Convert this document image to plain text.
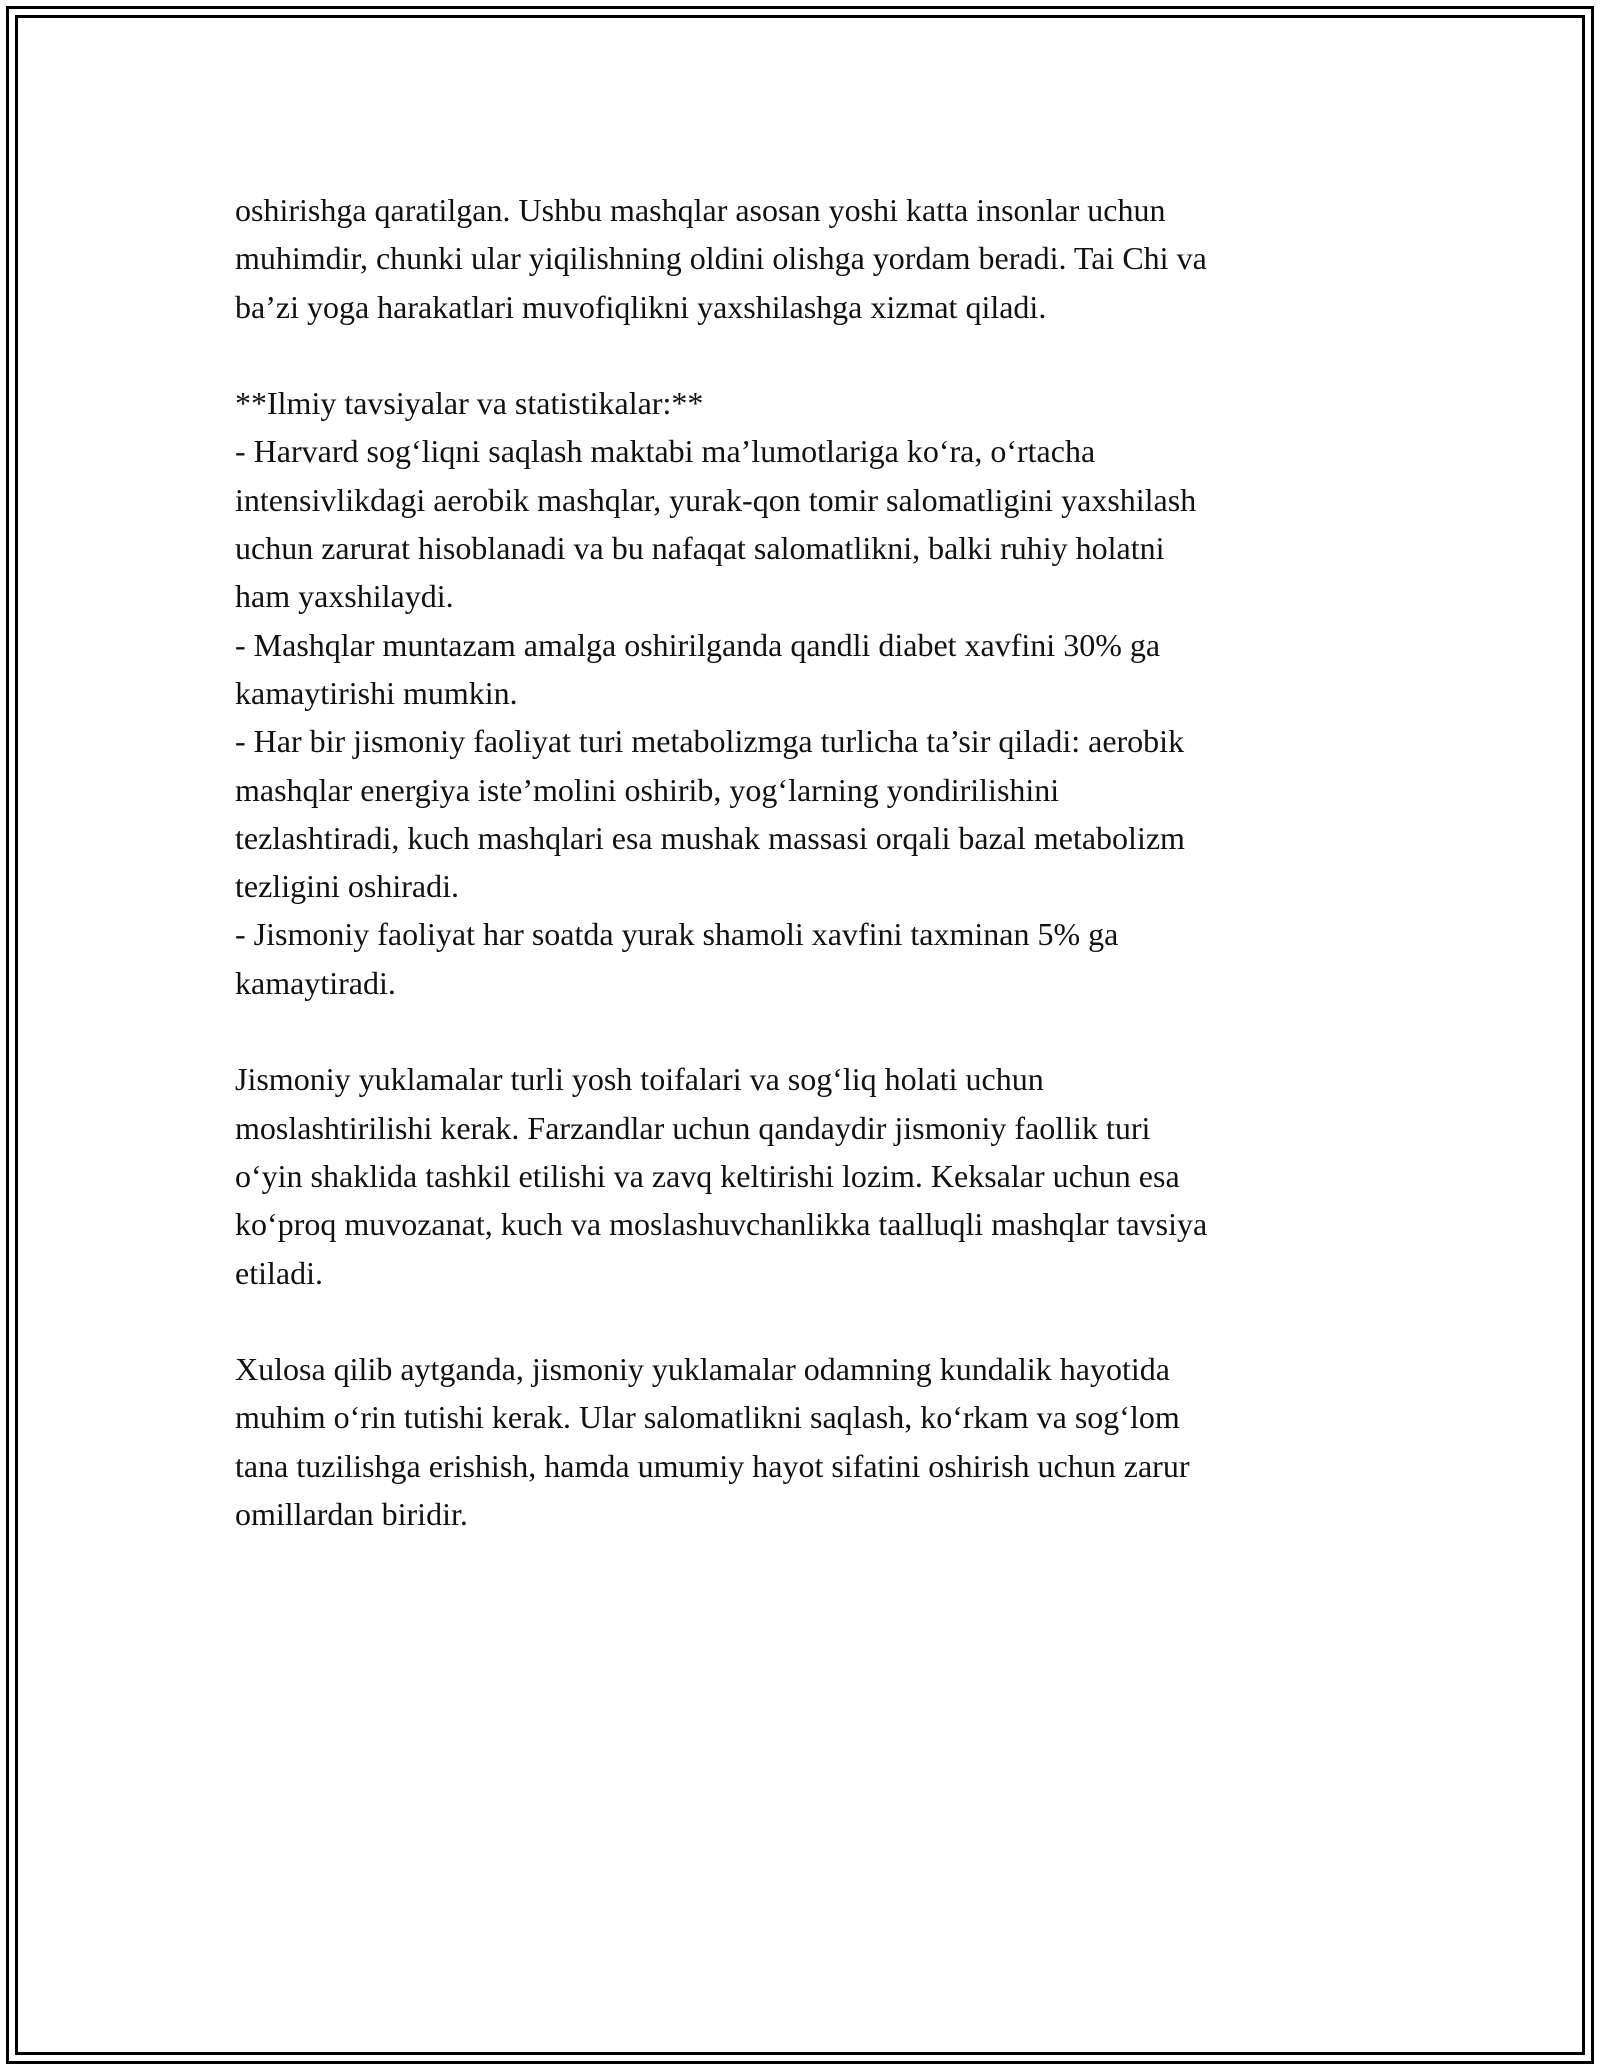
oshirishga qaratilgan. Ushbu mashqlar asosan yoshi katta insonlar uchun
muhimdir, chunki ular yiqilishning oldini olishga yordam beradi. Tai Chi va
ba’zi yoga harakatlari muvofiqlikni yaxshilashga xizmat qiladi.

**Ilmiy tavsiyalar va statistikalar:**
- Harvard sog‘liqni saqlash maktabi ma’lumotlariga ko‘ra, o‘rtacha
intensivlikdagi aerobik mashqlar, yurak-qon tomir salomatligini yaxshilash
uchun zarurat hisoblanadi va bu nafaqat salomatlikni, balki ruhiy holatni
ham yaxshilaydi.
- Mashqlar muntazam amalga oshirilganda qandli diabet xavfini 30% ga
kamaytirishi mumkin.
- Har bir jismoniy faoliyat turi metabolizmga turlicha ta’sir qiladi: aerobik
mashqlar energiya iste’molini oshirib, yog‘larning yondirilishini
tezlashtiradi, kuch mashqlari esa mushak massasi orqali bazal metabolizm
tezligini oshiradi.
- Jismoniy faoliyat har soatda yurak shamoli xavfini taxminan 5% ga
kamaytiradi.

Jismoniy yuklamalar turli yosh toifalari va sog‘liq holati uchun
moslashtirilishi kerak. Farzandlar uchun qandaydir jismoniy faollik turi
o‘yin shaklida tashkil etilishi va zavq keltirishi lozim. Keksalar uchun esa
ko‘proq muvozanat, kuch va moslashuvchanlikka taalluqli mashqlar tavsiya
etiladi.

Xulosa qilib aytganda, jismoniy yuklamalar odamning kundalik hayotida
muhim o‘rin tutishi kerak. Ular salomatlikni saqlash, ko‘rkam va sog‘lom
tana tuzilishga erishish, hamda umumiy hayot sifatini oshirish uchun zarur
omillardan biridir.
